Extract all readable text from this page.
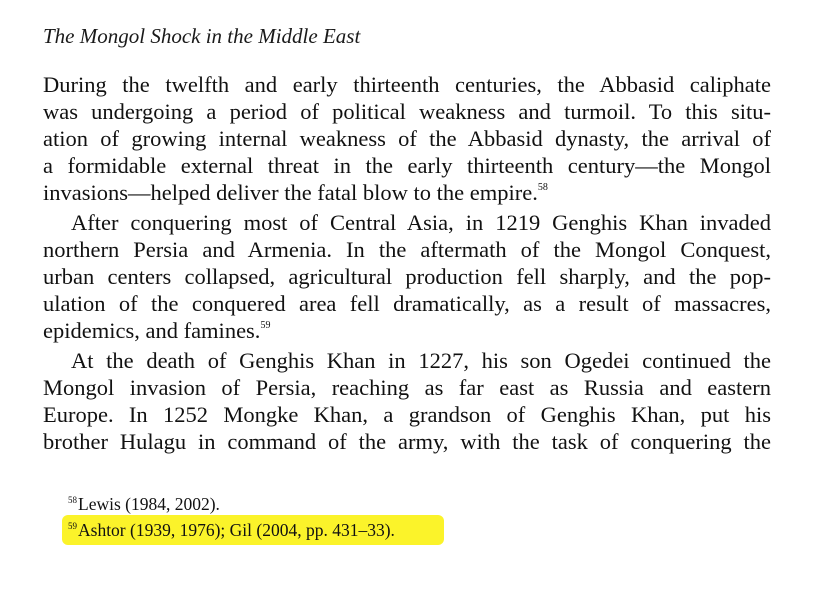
The Mongol Shock in the Middle East
During the twelfth and early thirteenth centuries, the Abbasid caliphate
was undergoing a period of political weakness and turmoil. To this situ-
ation of growing internal weakness of the Abbasid dynasty, the arrival of
a formidable external threat in the early thirteenth century—the Mongol
invasions—helped deliver the fatal blow to the empire.$^{58}$
After conquering most of Central Asia, in 1219 Genghis Khan invaded
northern Persia and Armenia. In the aftermath of the Mongol Conquest,
urban centers collapsed, agricultural production fell sharply, and the pop-
ulation of the conquered area fell dramatically, as a result of massacres,
epidemics, and famines.$^{59}$
At the death of Genghis Khan in 1227, his son Ogedei continued the
Mongol invasion of Persia, reaching as far east as Russia and eastern
Europe. In 1252 Mongke Khan, a grandson of Genghis Khan, put his
brother Hulagu in command of the army, with the task of conquering the
$^{58}$Lewis (1984, 2002).
$^{59}$Ashtor (1939, 1976); Gil (2004, pp. 431–33).
